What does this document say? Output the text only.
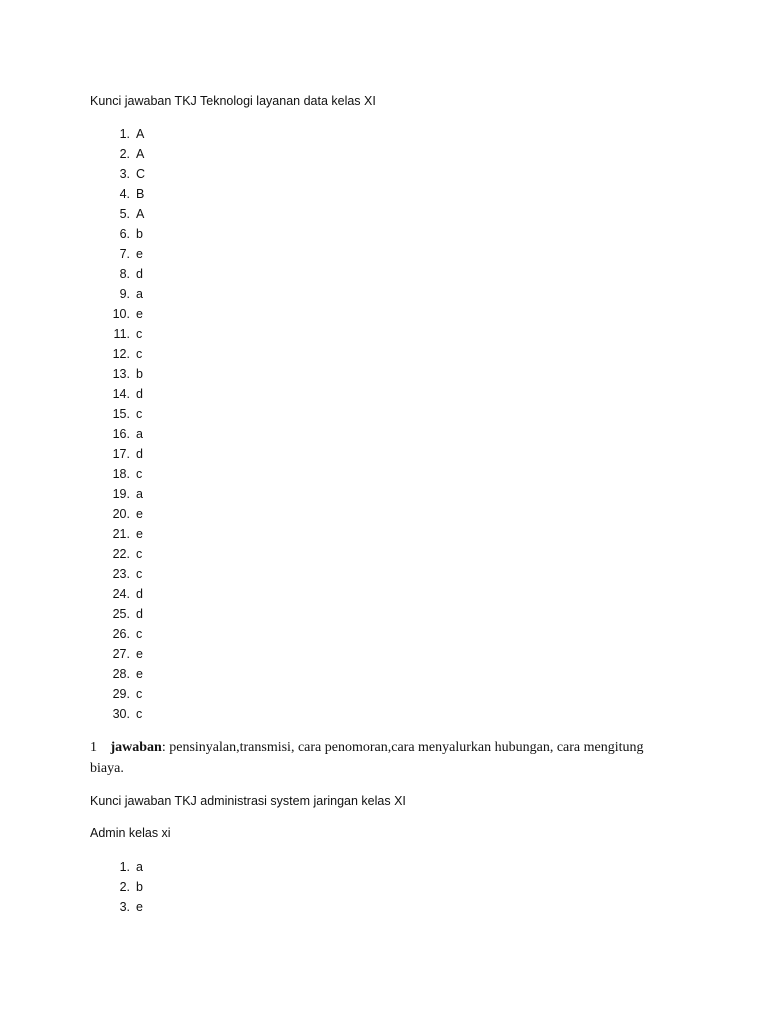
Kunci jawaban TKJ Teknologi layanan data kelas XI
1. A
2. A
3. C
4. B
5. A
6. b
7. e
8. d
9. a
10. e
11. c
12. c
13. b
14. d
15. c
16. a
17. d
18. c
19. a
20. e
21. e
22. c
23. c
24. d
25. d
26. c
27. e
28. e
29. c
30. c
1 jawaban: pensinyalan,transmisi, cara penomoran,cara menyalurkan hubungan, cara mengitung biaya.
Kunci jawaban TKJ administrasi system jaringan kelas XI
Admin kelas xi
1. a
2. b
3. e
